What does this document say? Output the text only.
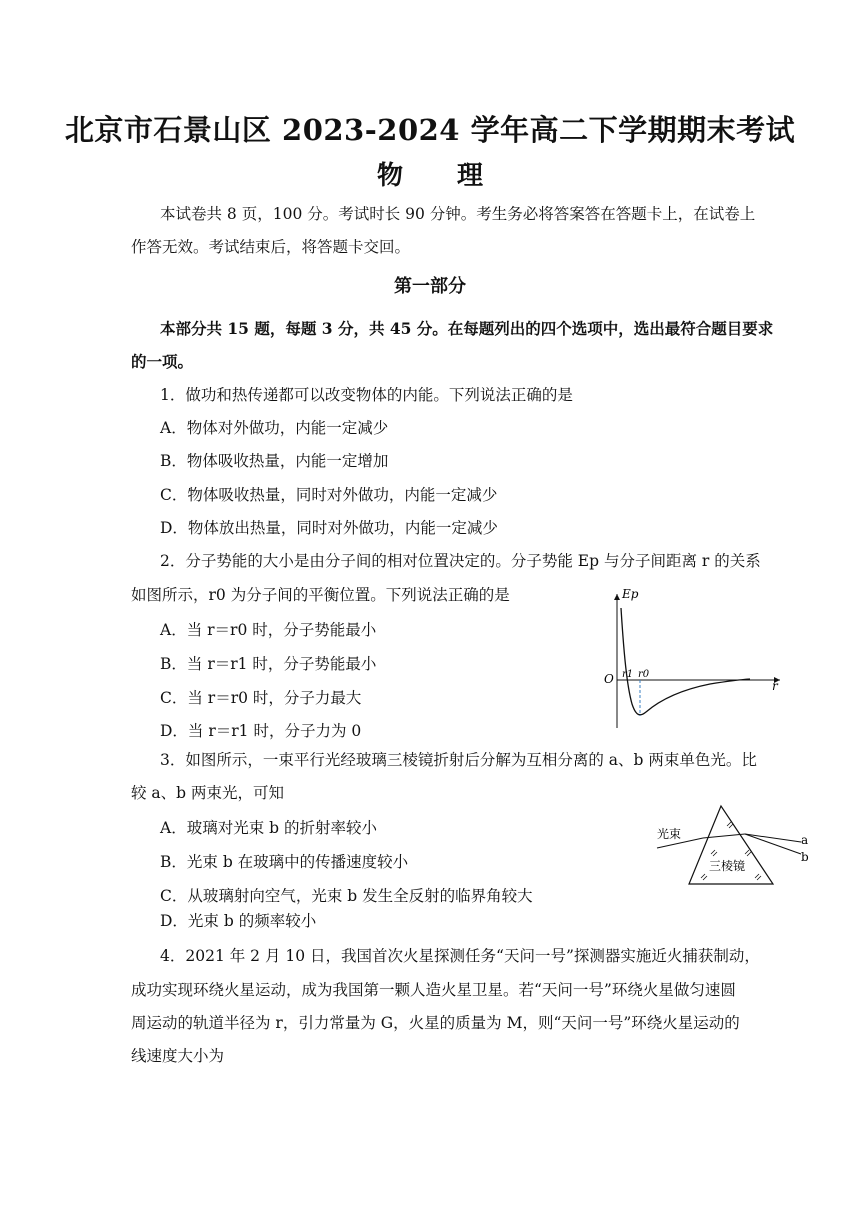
北京市石景山区 2023-2024 学年高二下学期期末考试
物理
本试卷共 8 页，100 分。考试时长 90 分钟。考生务必将答案答在答题卡上，在试卷上
作答无效。考试结束后，将答题卡交回。
第一部分
本部分共 15 题，每题 3 分，共 45 分。在每题列出的四个选项中，选出最符合题目要求
的一项。
1．做功和热传递都可以改变物体的内能。下列说法正确的是
A．物体对外做功，内能一定减少
B．物体吸收热量，内能一定增加
C．物体吸收热量，同时对外做功，内能一定减少
D．物体放出热量，同时对外做功，内能一定减少
2．分子势能的大小是由分子间的相对位置决定的。分子势能 Ep 与分子间距离 r 的关系
如图所示，r0 为分子间的平衡位置。下列说法正确的是
A．当 r＝r0 时，分子势能最小
B．当 r＝r1 时，分子势能最小
C．当 r＝r0 时，分子力最大
D．当 r＝r1 时，分子力为 0
Ep
r
O r1 r0
3．如图所示，一束平行光经玻璃三棱镜折射后分解为互相分离的 a、b 两束单色光。比
较 a、b 两束光，可知
A．玻璃对光束 b 的折射率较小
B．光束 b 在玻璃中的传播速度较小
C．从玻璃射向空气，光束 b 发生全反射的临界角较大
D．光束 b 的频率较小
光束
三棱镜
a
b
4．2021 年 2 月 10 日，我国首次火星探测任务“天问一号”探测器实施近火捕获制动，
成功实现环绕火星运动，成为我国第一颗人造火星卫星。若“天问一号”环绕火星做匀速圆
周运动的轨道半径为 r，引力常量为 G，火星的质量为 M，则“天问一号”环绕火星运动的
线速度大小为
